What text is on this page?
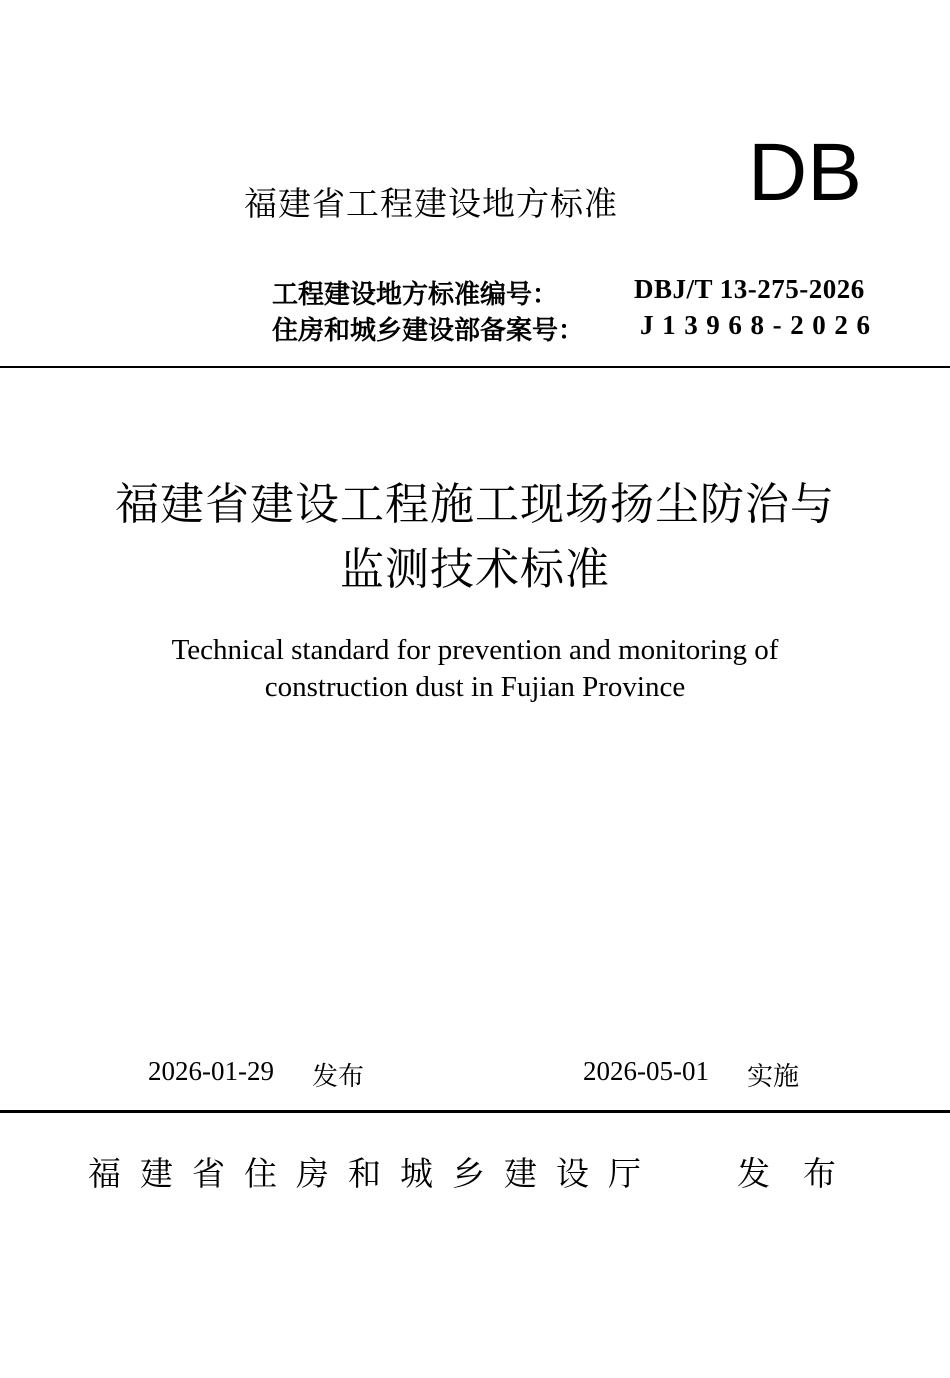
福建省工程建设地方标准 DB
工程建设地方标准编号：	DBJ/T 13-275-2026
住房和城乡建设部备案号： J13968-2026
福建省建设工程施工现场扬尘防治与
监测技术标准
Technical standard for prevention and monitoring of
construction dust in Fujian Province
2026-01-29 发布	2026-05-01 实施
福建省住房和城乡建设厅 发布
